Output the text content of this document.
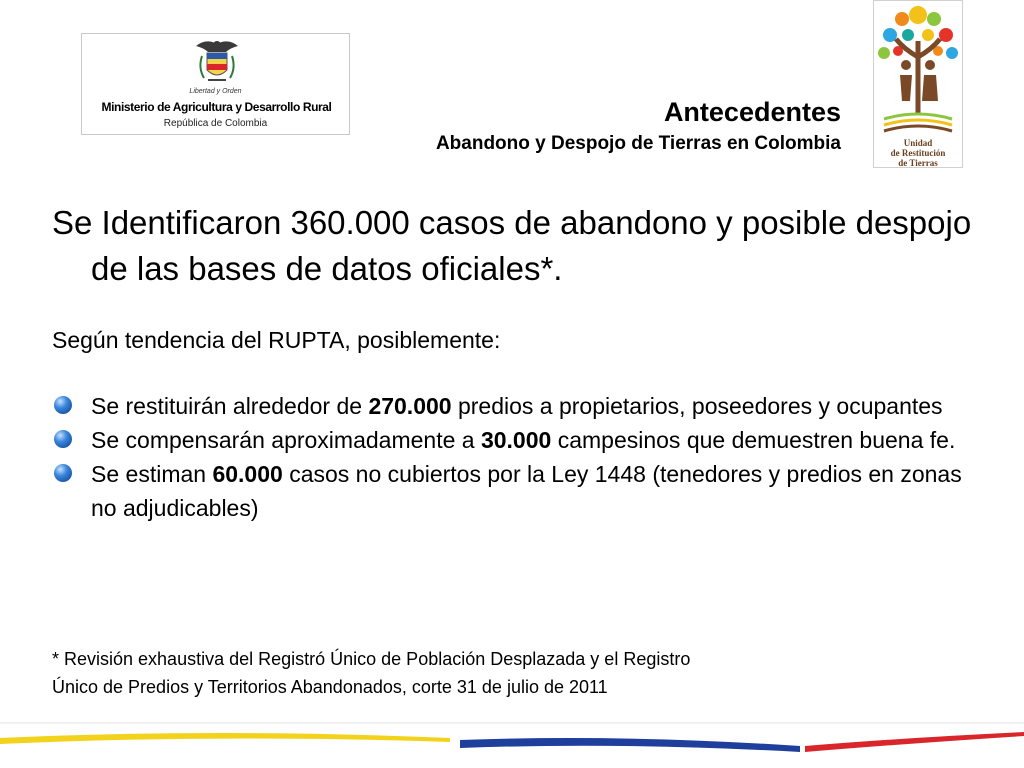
Libertad y Orden
Ministerio de Agricultura y Desarrollo Rural
República de Colombia	Antecedentes
Abandono y Despojo de Tierras en Colombia	Unidad
de Restitución
de Tierras
Se Identificaron 360.000 casos de abandono y posible despojo de las bases de datos oficiales*.
Según tendencia del RUPTA, posiblemente:
Se restituirán alrededor de 270.000 predios a propietarios, poseedores y ocupantes
Se compensarán aproximadamente a 30.000 campesinos que demuestren buena fe.
Se estiman 60.000 casos no cubiertos por la Ley 1448 (tenedores y predios en zonas no adjudicables)
* Revisión exhaustiva del Registró Único de Población Desplazada y el Registro
Único de Predios y Territorios Abandonados, corte 31 de julio de 2011
